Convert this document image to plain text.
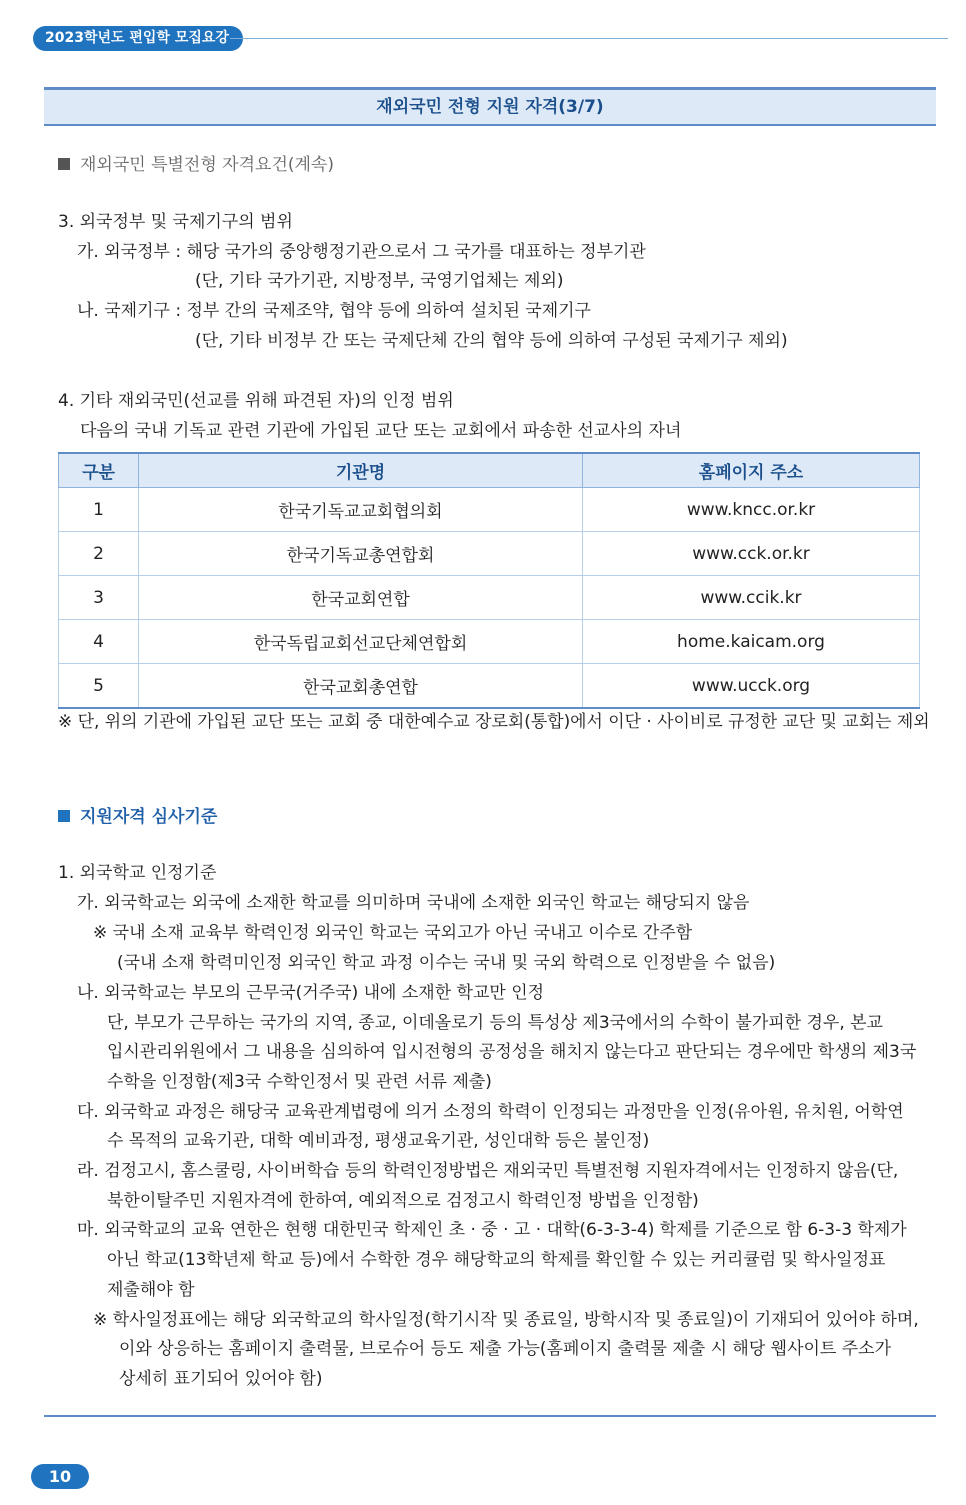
2023학년도 편입학 모집요강
재외국민 전형 지원 자격(3/7)
재외국민 특별전형 자격요건(계속)
3. 외국정부 및 국제기구의 범위
가. 외국정부 : 해당 국가의 중앙행정기관으로서 그 국가를 대표하는 정부기관
(단, 기타 국가기관, 지방정부, 국영기업체는 제외)
나. 국제기구 : 정부 간의 국제조약, 협약 등에 의하여 설치된 국제기구
(단, 기타 비정부 간 또는 국제단체 간의 협약 등에 의하여 구성된 국제기구 제외)
4. 기타 재외국민(선교를 위해 파견된 자)의 인정 범위
다음의 국내 기독교 관련 기관에 가입된 교단 또는 교회에서 파송한 선교사의 자녀
구분	기관명	홈페이지 주소
1	한국기독교교회협의회	www.kncc.or.kr
2	한국기독교총연합회	www.cck.or.kr
3	한국교회연합	www.ccik.kr
4	한국독립교회선교단체연합회	home.kaicam.org
5	한국교회총연합	www.ucck.org
※ 단, 위의 기관에 가입된 교단 또는 교회 중 대한예수교 장로회(통합)에서 이단 · 사이비로 규정한 교단 및 교회는 제외
지원자격 심사기준
1. 외국학교 인정기준
가. 외국학교는 외국에 소재한 학교를 의미하며 국내에 소재한 외국인 학교는 해당되지 않음
※ 국내 소재 교육부 학력인정 외국인 학교는 국외고가 아닌 국내고 이수로 간주함
(국내 소재 학력미인정 외국인 학교 과정 이수는 국내 및 국외 학력으로 인정받을 수 없음)
나. 외국학교는 부모의 근무국(거주국) 내에 소재한 학교만 인정
단, 부모가 근무하는 국가의 지역, 종교, 이데올로기 등의 특성상 제3국에서의 수학이 불가피한 경우, 본교
입시관리위원에서 그 내용을 심의하여 입시전형의 공정성을 해치지 않는다고 판단되는 경우에만 학생의 제3국
수학을 인정함(제3국 수학인정서 및 관련 서류 제출)
다. 외국학교 과정은 해당국 교육관계법령에 의거 소정의 학력이 인정되는 과정만을 인정(유아원, 유치원, 어학연
수 목적의 교육기관, 대학 예비과정, 평생교육기관, 성인대학 등은 불인정)
라. 검정고시, 홈스쿨링, 사이버학습 등의 학력인정방법은 재외국민 특별전형 지원자격에서는 인정하지 않음(단,
북한이탈주민 지원자격에 한하여, 예외적으로 검정고시 학력인정 방법을 인정함)
마. 외국학교의 교육 연한은 현행 대한민국 학제인 초 · 중 · 고 · 대학(6-3-3-4) 학제를 기준으로 함 6-3-3 학제가
아닌 학교(13학년제 학교 등)에서 수학한 경우 해당학교의 학제를 확인할 수 있는 커리큘럼 및 학사일정표
제출해야 함
※ 학사일정표에는 해당 외국학교의 학사일정(학기시작 및 종료일, 방학시작 및 종료일)이 기재되어 있어야 하며,
이와 상응하는 홈페이지 출력물, 브로슈어 등도 제출 가능(홈페이지 출력물 제출 시 해당 웹사이트 주소가
상세히 표기되어 있어야 함)
10
